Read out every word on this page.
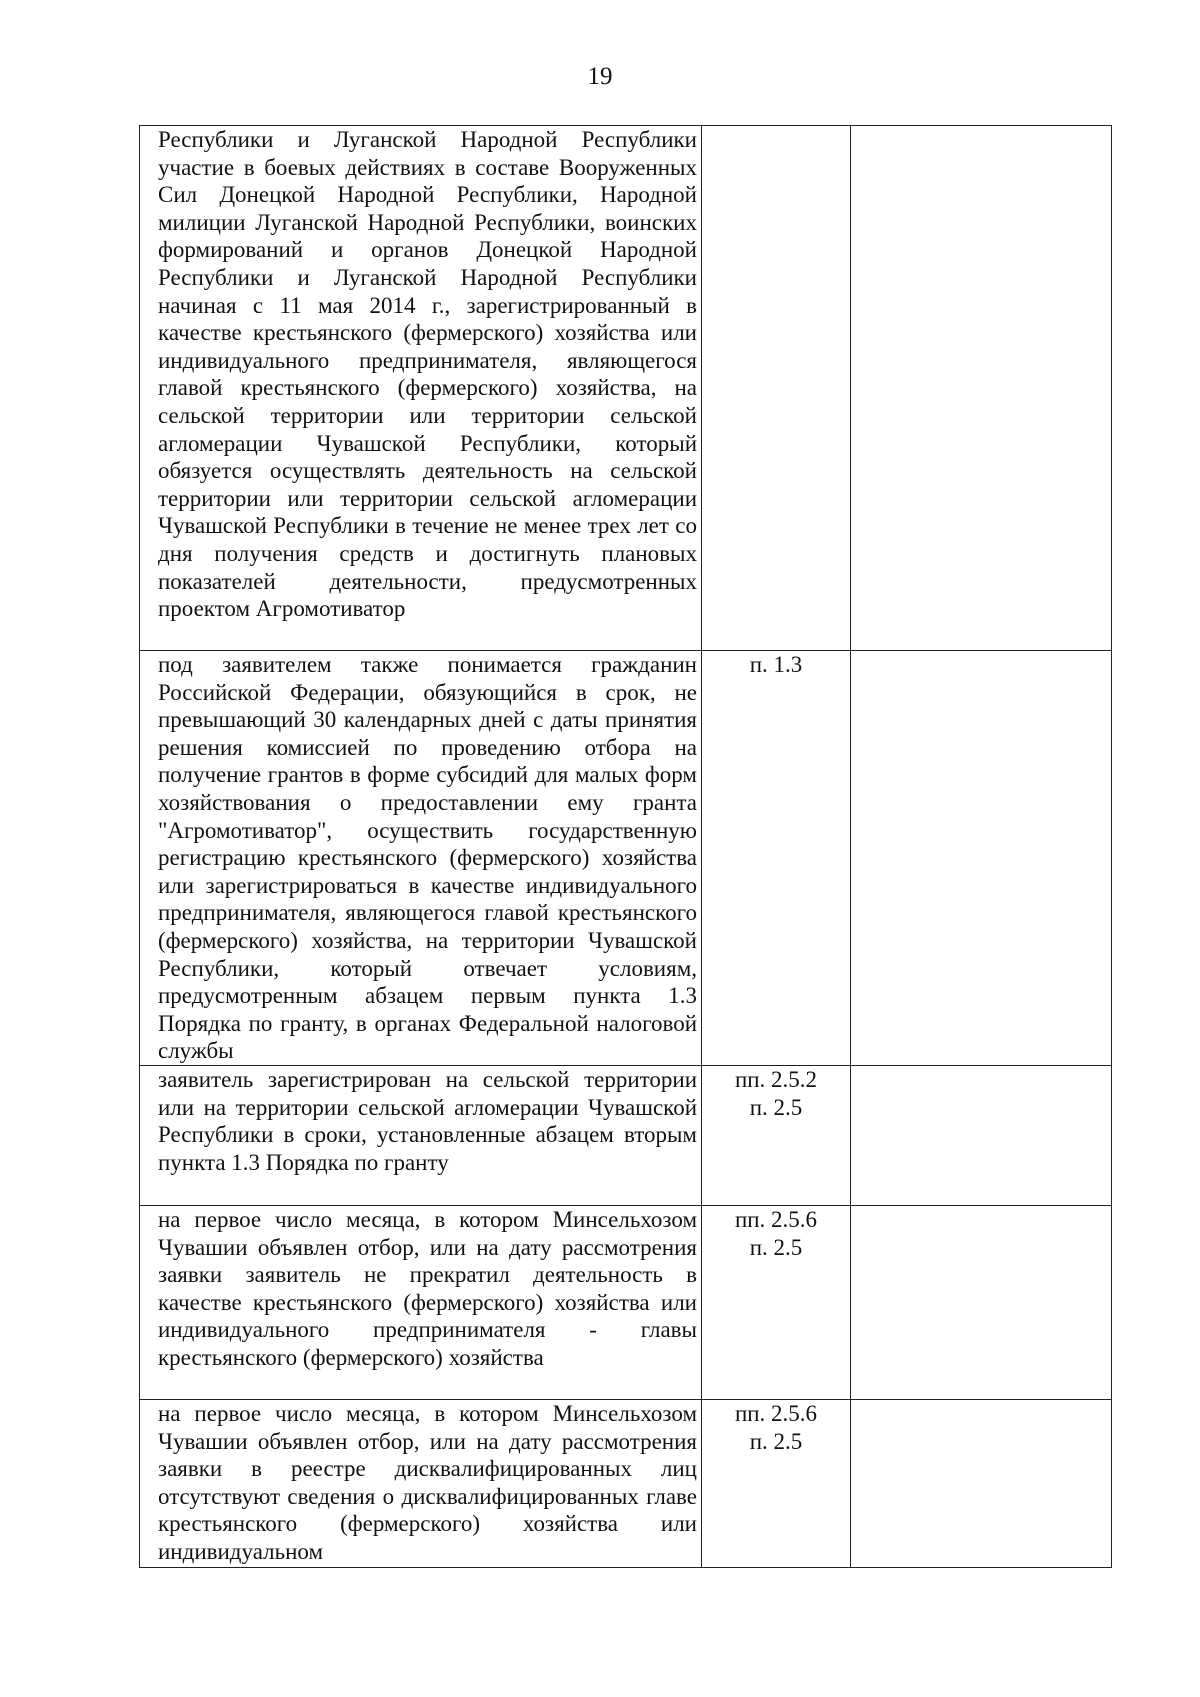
19
Республики и Луганской Народной Республики участие в боевых действиях в составе Вооруженных Сил Донецкой Народной Республики, Народной милиции Луганской Народной Республики, воинских формирований и органов Донецкой Народной Республики и Луганской Народной Республики начиная с 11 мая 2014 г., зарегистрированный в качестве крестьянского (фермерского) хозяйства или индивидуального предпринимателя, являющегося главой крестьянского (фермерского) хозяйства, на сельской территории или территории сельской агломерации Чувашской Республики, который обязуется осуществлять деятельность на сельской территории или территории сельской агломерации Чувашской Республики в течение не менее трех лет со дня получения средств и достигнуть плановых показателей деятельности, предусмотренных проектом Агромотиватор		

под заявителем также понимается гражданин Российской Федерации, обязующийся в срок, не превышающий 30 календарных дней с даты принятия решения комиссией по проведению отбора на получение грантов в форме субсидий для малых форм хозяйствования о предоставлении ему гранта "Агромотиватор", осуществить государственную регистрацию крестьянского (фермерского) хозяйства или зарегистрироваться в качестве индивидуального предпринимателя, являющегося главой крестьянского (фермерского) хозяйства, на территории Чувашской Республики, который отвечает условиям, предусмотренным абзацем первым пункта 1.3 Порядка по гранту, в органах Федеральной налоговой службы	п. 1.3	

заявитель зарегистрирован на сельской территории или на территории сельской агломерации Чувашской Республики в сроки, установленные абзацем вторым пункта 1.3 Порядка по гранту	пп. 2.5.2
п. 2.5	

на первое число месяца, в котором Минсельхозом Чувашии объявлен отбор, или на дату рассмотрения заявки заявитель не прекратил деятельность в качестве крестьянского (фермерского) хозяйства или индивидуального предпринимателя - главы крестьянского (фермерского) хозяйства	пп. 2.5.6
п. 2.5	

на первое число месяца, в котором Минсельхозом Чувашии объявлен отбор, или на дату рассмотрения заявки в реестре дисквалифицированных лиц отсутствуют сведения о дисквалифицированных главе крестьянского (фермерского) хозяйства или индивидуальном	пп. 2.5.6
п. 2.5	
